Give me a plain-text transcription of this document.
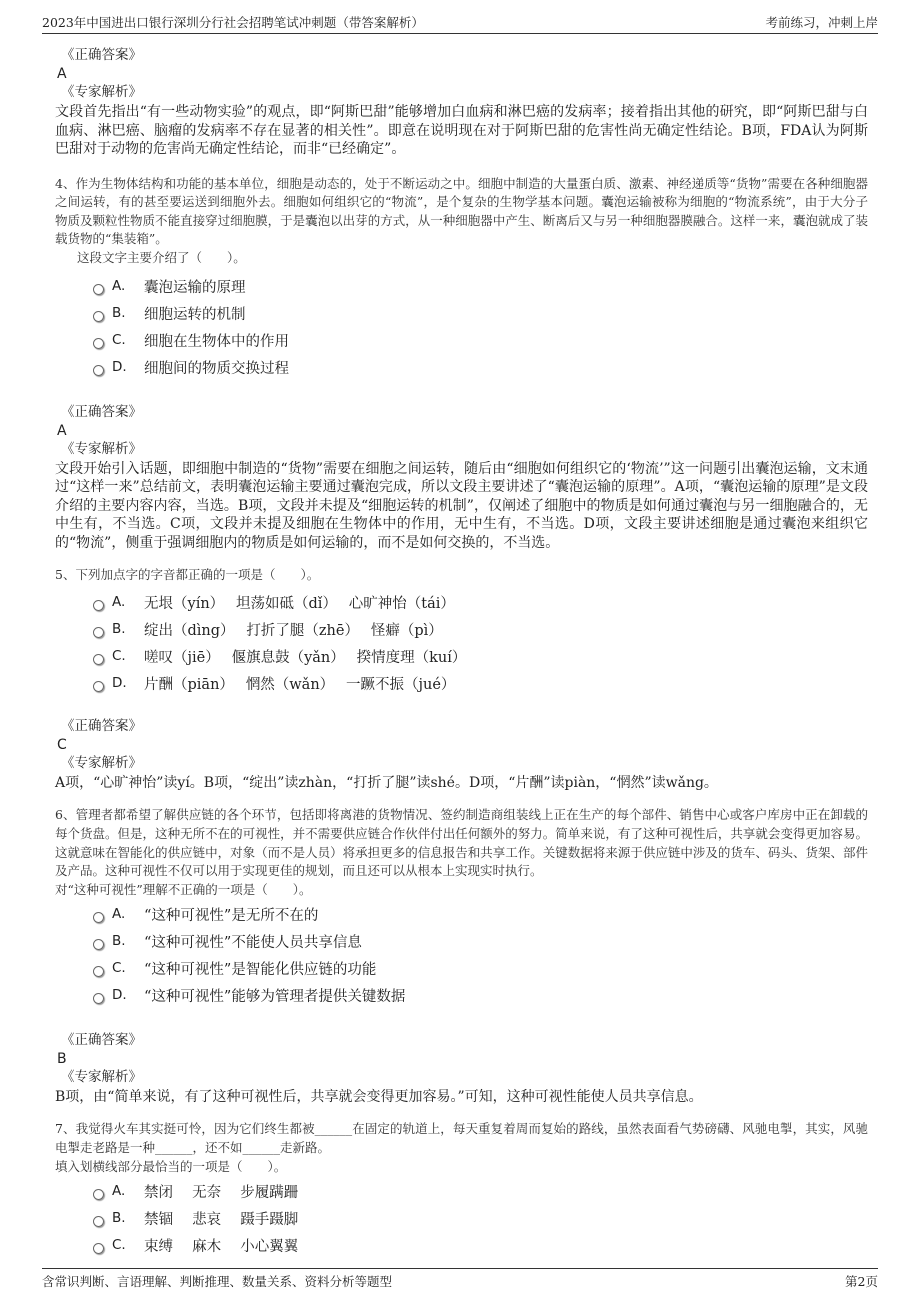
2023年中国进出口银行深圳分行社会招聘笔试冲刺题（带答案解析）	考前练习，冲刺上岸
《正确答案》
A
《专家解析》
文段首先指出“有一些动物实验”的观点，即“阿斯巴甜”能够增加白血病和淋巴癌的发病率；接着指出其他的研究，即“阿斯巴甜与白血病、淋巴癌、脑瘤的发病率不存在显著的相关性”。即意在说明现在对于阿斯巴甜的危害性尚无确定性结论。B项，FDA认为阿斯巴甜对于动物的危害尚无确定性结论，而非“已经确定”。
4、作为生物体结构和功能的基本单位，细胞是动态的，处于不断运动之中。细胞中制造的大量蛋白质、激素、神经递质等“货物”需要在各种细胞器之间运转，有的甚至要运送到细胞外去。细胞如何组织它的“物流”，是个复杂的生物学基本问题。囊泡运输被称为细胞的“物流系统”，由于大分子物质及颗粒性物质不能直接穿过细胞膜，于是囊泡以出芽的方式，从一种细胞器中产生、断离后又与另一种细胞器膜融合。这样一来，囊泡就成了装载货物的“集装箱”。
这段文字主要介绍了（　　）。
A.	囊泡运输的原理
B.	细胞运转的机制
C.	细胞在生物体中的作用
D.	细胞间的物质交换过程
《正确答案》
A
《专家解析》
文段开始引入话题，即细胞中制造的“货物”需要在细胞之间运转，随后由“细胞如何组织它的‘物流’”这一问题引出囊泡运输，文末通过“这样一来”总结前文，表明囊泡运输主要通过囊泡完成，所以文段主要讲述了“囊泡运输的原理”。A项，“囊泡运输的原理”是文段介绍的主要内容内容，当选。B项，文段并未提及“细胞运转的机制”，仅阐述了细胞中的物质是如何通过囊泡与另一细胞融合的，无中生有，不当选。C项，文段并未提及细胞在生物体中的作用，无中生有，不当选。D项，文段主要讲述细胞是通过囊泡来组织它的“物流”，侧重于强调细胞内的物质是如何运输的，而不是如何交换的，不当选。
5、下列加点字的字音都正确的一项是（　　）。
A.	无垠（yín）　 坦荡如砥（dǐ）　 心旷神怡（tái）
B.	绽出（dìng）　 打折了腿（zhē）　 怪癖（pì）
C.	嗟叹（jiē）　 偃旗息鼓（yǎn）　 揆情度理（kuí）
D.	片酬（piān）　 惘然（wǎn）　 一蹶不振（jué）
《正确答案》
C
《专家解析》
A项，“心旷神怡”读yí。B项，“绽出”读zhàn，“打折了腿”读shé。D项，“片酬”读piàn，“惘然”读wǎng。
6、管理者都希望了解供应链的各个环节，包括即将离港的货物情况、签约制造商组装线上正在生产的每个部件、销售中心或客户库房中正在卸载的每个货盘。但是，这种无所不在的可视性，并不需要供应链合作伙伴付出任何额外的努力。简单来说，有了这种可视性后，共享就会变得更加容易。这就意味在智能化的供应链中，对象（而不是人员）将承担更多的信息报告和共享工作。关键数据将来源于供应链中涉及的货车、码头、货架、部件及产品。这种可视性不仅可以用于实现更佳的规划，而且还可以从根本上实现实时执行。
对“这种可视性”理解不正确的一项是（　　）。
A.	“这种可视性”是无所不在的
B.	“这种可视性”不能使人员共享信息
C.	“这种可视性”是智能化供应链的功能
D.	“这种可视性”能够为管理者提供关键数据
《正确答案》
B
《专家解析》
B项，由“简单来说，有了这种可视性后，共享就会变得更加容易。”可知，这种可视性能使人员共享信息。
7、我觉得火车其实挺可怜，因为它们终生都被______在固定的轨道上，每天重复着周而复始的路线，虽然表面看气势磅礴、风驰电掣，其实，风驰电掣走老路是一种______，还不如______走新路。
填入划横线部分最恰当的一项是（　　）。
A.	禁闭　 无奈　 步履蹒跚
B.	禁锢　 悲哀　 蹑手蹑脚
C.	束缚　 麻木　 小心翼翼
含常识判断、言语理解、判断推理、数量关系、资料分析等题型	第2页
